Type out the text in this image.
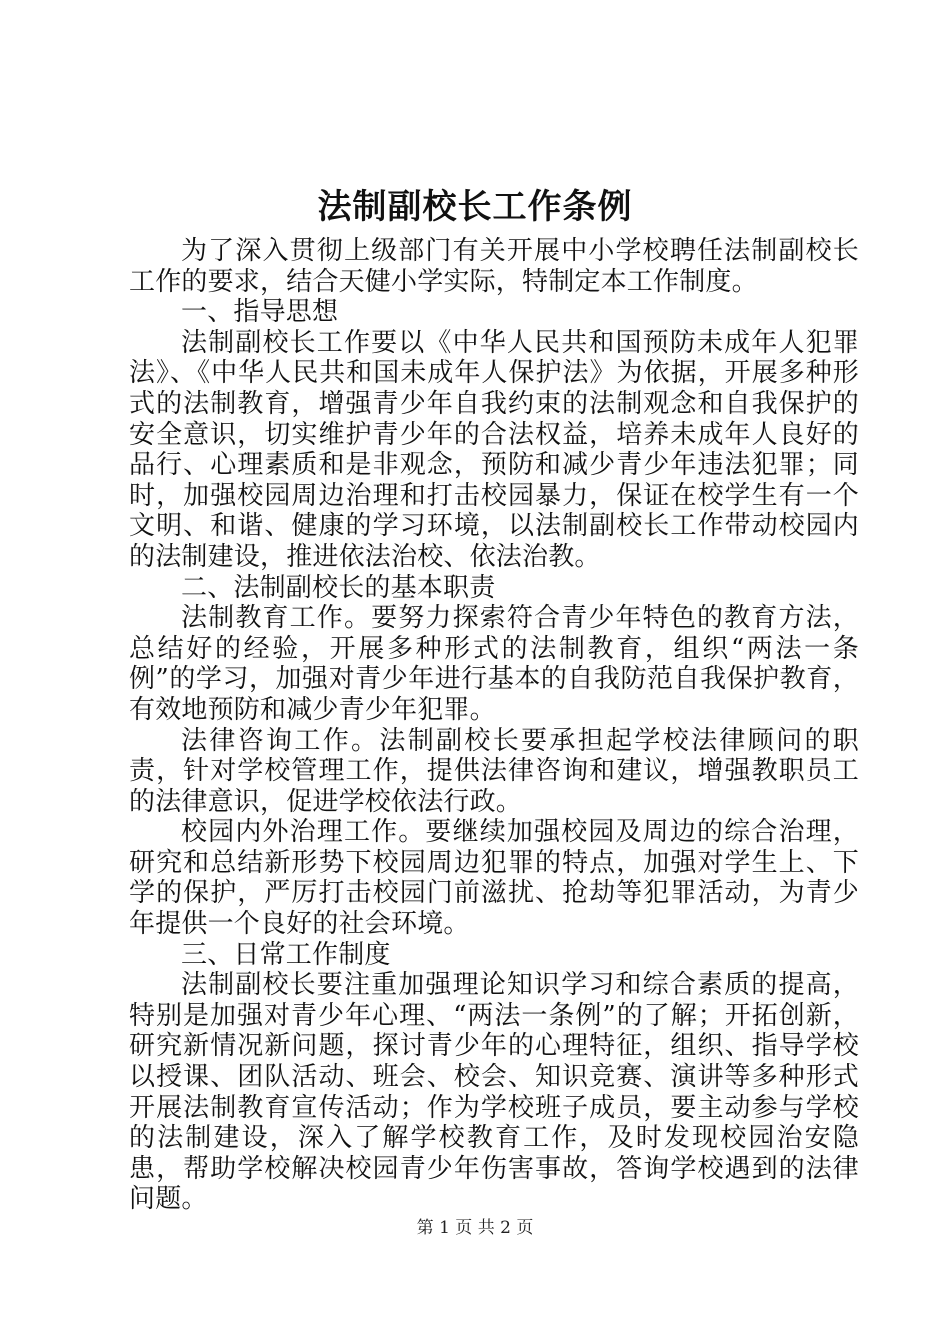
法制副校长工作条例

为了深入贯彻上级部门有关开展中小学校聘任法制副校长工作的要求，结合天健小学实际，特制定本工作制度。

一、指导思想

法制副校长工作要以《中华人民共和国预防未成年人犯罪法》、《中华人民共和国未成年人保护法》为依据，开展多种形式的法制教育，增强青少年自我约束的法制观念和自我保护的安全意识，切实维护青少年的合法权益，培养未成年人良好的品行、心理素质和是非观念，预防和减少青少年违法犯罪；同时，加强校园周边治理和打击校园暴力，保证在校学生有一个文明、和谐、健康的学习环境，以法制副校长工作带动校园内的法制建设，推进依法治校、依法治教。

二、法制副校长的基本职责

法制教育工作。要努力探索符合青少年特色的教育方法，总结好的经验，开展多种形式的法制教育，组织“两法一条例”的学习，加强对青少年进行基本的自我防范自我保护教育，有效地预防和减少青少年犯罪。

法律咨询工作。法制副校长要承担起学校法律顾问的职责，针对学校管理工作，提供法律咨询和建议，增强教职员工的法律意识，促进学校依法行政。

校园内外治理工作。要继续加强校园及周边的综合治理，研究和总结新形势下校园周边犯罪的特点，加强对学生上、下学的保护，严厉打击校园门前滋扰、抢劫等犯罪活动，为青少年提供一个良好的社会环境。

三、日常工作制度

法制副校长要注重加强理论知识学习和综合素质的提高，特别是加强对青少年心理、“两法一条例”的了解；开拓创新，研究新情况新问题，探讨青少年的心理特征，组织、指导学校以授课、团队活动、班会、校会、知识竞赛、演讲等多种形式开展法制教育宣传活动；作为学校班子成员，要主动参与学校的法制建设，深入了解学校教育工作，及时发现校园治安隐患，帮助学校解决校园青少年伤害事故，答询学校遇到的法律问题。

第 1 页 共 2 页
